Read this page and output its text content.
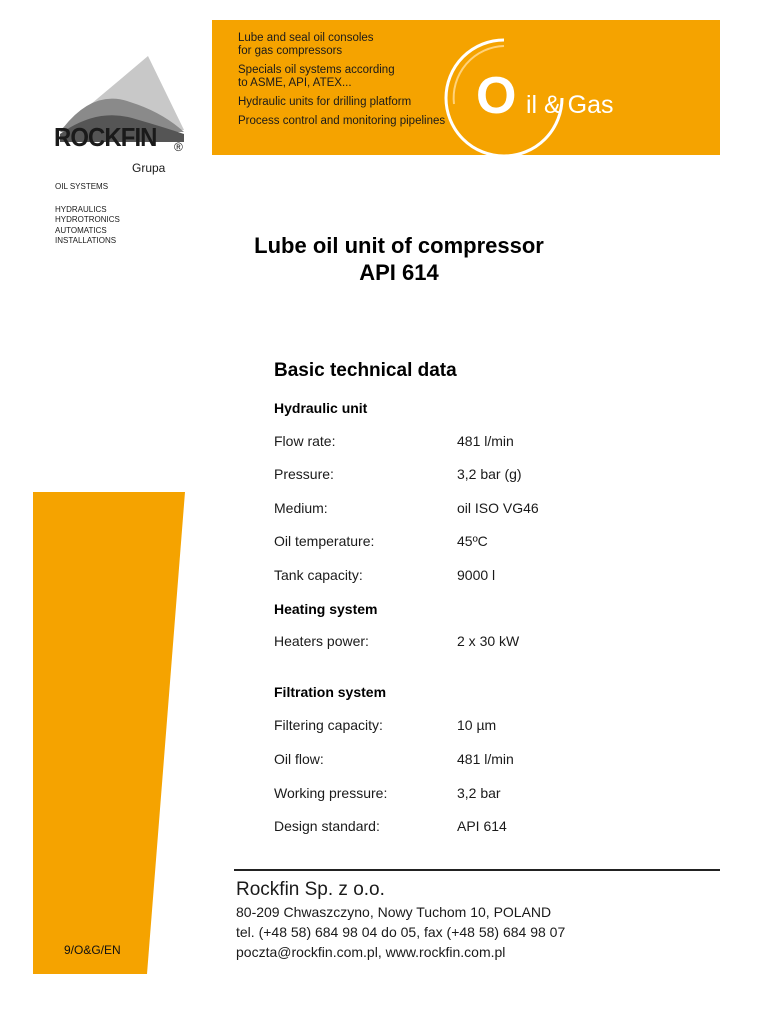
Lube and seal oil consoles
for gas compressors
Specials oil systems according
to ASME, API, ATEX...
Hydraulic units for drilling platform
Process control and monitoring pipelines O il & Gas
ROCKFIN ®
Grupa
OIL SYSTEMS
HYDRAULICS
HYDROTRONICS
AUTOMATICS
INSTALLATIONS	Lube oil unit of compressor
API 614
Basic technical data
Hydraulic unit
Flow rate:	481 l/min
Pressure:	3,2 bar (g)
Medium:	oil ISO VG46
Oil temperature:	45ºC
Tank capacity:	9000 l
Heating system
Heaters power:	2 x 30 kW
Filtration system
Filtering capacity:	10 µm
Oil flow:	481 l/min
Working pressure:	3,2 bar
Design standard:	API 614
9/O&G/EN
Rockfin Sp. z o.o.
80-209 Chwaszczyno, Nowy Tuchom 10, POLAND
tel. (+48 58) 684 98 04 do 05, fax (+48 58) 684 98 07
poczta@rockfin.com.pl, www.rockfin.com.pl
